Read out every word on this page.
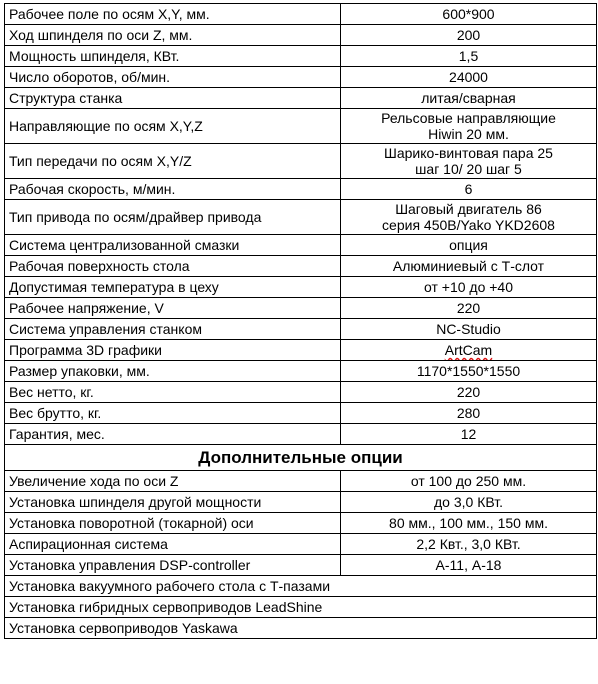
Рабочее поле по осям X,Y, мм.	600*900
Ход шпинделя по оси Z, мм.	200
Мощность шпинделя, КВт.	1,5
Число оборотов, об/мин.	24000
Структура станка	литая/сварная
Направляющие по осям X,Y,Z	Рельсовые направляющие
Hiwin 20 мм.

Тип передачи по осям X,Y/Z	Шарико-винтовая пара 25
шаг 10/ 20 шаг 5

Рабочая скорость, м/мин.	6
Тип привода по осям/драйвер привода	Шаговый двигатель 86
серия 450В/Yako YKD2608

Система централизованной смазки	опция
Рабочая поверхность стола	Алюминиевый с Т-слот
Допустимая температура в цеху	от +10 до +40
Рабочее напряжение, V	220
Система управления станком	NC-Studio
Программа 3D графики	ArtCam
Размер упаковки, мм.	1170*1550*1550
Вес нетто, кг.	220
Вес брутто, кг.	280
Гарантия, мес.	12
Дополнительные опции	
Увеличение хода по оси Z	от 100 до 250 мм.
Установка шпинделя другой мощности	до 3,0 КВт.
Установка поворотной (токарной) оси	80 мм., 100 мм., 150 мм.
Аспирационная система	2,2 Квт., 3,0 КВт.
Установка управления DSP-controller	А-11, А-18
Установка вакуумного рабочего стола с Т-пазами	
Установка гибридных сервоприводов LeadShine	
Установка сервоприводов Yaskawa	
